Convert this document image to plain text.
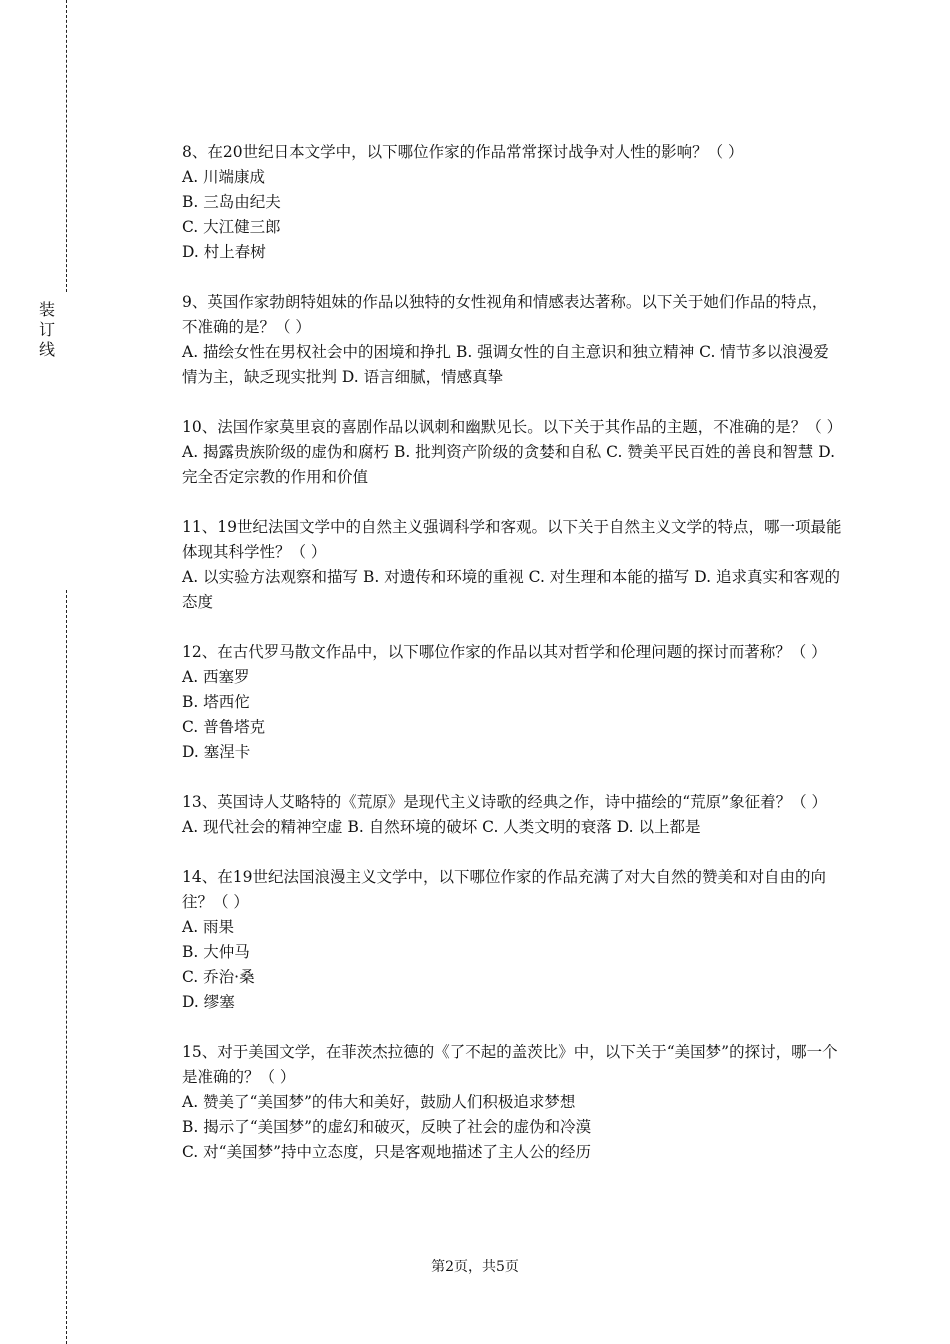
装
订
线

8、在20世纪日本文学中，以下哪位作家的作品常常探讨战争对人性的影响？（ ）

A. 川端康成

B. 三岛由纪夫

C. 大江健三郎

D. 村上春树

9、英国作家勃朗特姐妹的作品以独特的女性视角和情感表达著称。以下关于她们作品的特点，不准确的是？（ ）

A. 描绘女性在男权社会中的困境和挣扎 B. 强调女性的自主意识和独立精神 C. 情节多以浪漫爱情为主，缺乏现实批判 D. 语言细腻，情感真挚

10、法国作家莫里哀的喜剧作品以讽刺和幽默见长。以下关于其作品的主题，不准确的是？（ ）

A. 揭露贵族阶级的虚伪和腐朽 B. 批判资产阶级的贪婪和自私 C. 赞美平民百姓的善良和智慧 D. 完全否定宗教的作用和价值

11、19世纪法国文学中的自然主义强调科学和客观。以下关于自然主义文学的特点，哪一项最能体现其科学性？（ ）

A. 以实验方法观察和描写 B. 对遗传和环境的重视 C. 对生理和本能的描写 D. 追求真实和客观的态度

12、在古代罗马散文作品中，以下哪位作家的作品以其对哲学和伦理问题的探讨而著称？（ ）

A. 西塞罗

B. 塔西佗

C. 普鲁塔克

D. 塞涅卡

13、英国诗人艾略特的《荒原》是现代主义诗歌的经典之作，诗中描绘的“荒原”象征着？（ ）

A. 现代社会的精神空虚 B. 自然环境的破坏 C. 人类文明的衰落 D. 以上都是

14、在19世纪法国浪漫主义文学中，以下哪位作家的作品充满了对大自然的赞美和对自由的向往？（ ）

A. 雨果

B. 大仲马

C. 乔治·桑

D. 缪塞

15、对于美国文学，在菲茨杰拉德的《了不起的盖茨比》中，以下关于“美国梦”的探讨，哪一个是准确的？（ ）

A. 赞美了“美国梦”的伟大和美好，鼓励人们积极追求梦想

B. 揭示了“美国梦”的虚幻和破灭，反映了社会的虚伪和冷漠

C. 对“美国梦”持中立态度，只是客观地描述了主人公的经历

第2页，共5页
